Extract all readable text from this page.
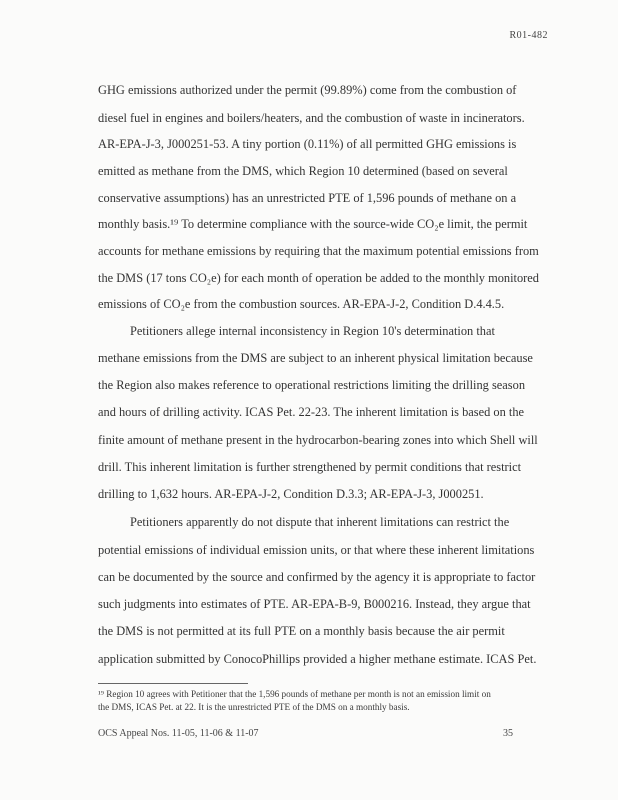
R01-482
GHG emissions authorized under the permit (99.89%) come from the combustion of
diesel fuel in engines and boilers/heaters, and the combustion of waste in incinerators.
AR-EPA-J-3, J000251-53. A tiny portion (0.11%) of all permitted GHG emissions is
emitted as methane from the DMS, which Region 10 determined (based on several
conservative assumptions) has an unrestricted PTE of 1,596 pounds of methane on a
monthly basis.¹⁹ To determine compliance with the source-wide CO₂e limit, the permit
accounts for methane emissions by requiring that the maximum potential emissions from
the DMS (17 tons CO₂e) for each month of operation be added to the monthly monitored
emissions of CO₂e from the combustion sources. AR-EPA-J-2, Condition D.4.4.5.
Petitioners allege internal inconsistency in Region 10's determination that
methane emissions from the DMS are subject to an inherent physical limitation because
the Region also makes reference to operational restrictions limiting the drilling season
and hours of drilling activity. ICAS Pet. 22-23. The inherent limitation is based on the
finite amount of methane present in the hydrocarbon-bearing zones into which Shell will
drill. This inherent limitation is further strengthened by permit conditions that restrict
drilling to 1,632 hours. AR-EPA-J-2, Condition D.3.3; AR-EPA-J-3, J000251.
Petitioners apparently do not dispute that inherent limitations can restrict the
potential emissions of individual emission units, or that where these inherent limitations
can be documented by the source and confirmed by the agency it is appropriate to factor
such judgments into estimates of PTE. AR-EPA-B-9, B000216. Instead, they argue that
the DMS is not permitted at its full PTE on a monthly basis because the air permit
application submitted by ConocoPhillips provided a higher methane estimate. ICAS Pet.
¹⁹ Region 10 agrees with Petitioner that the 1,596 pounds of methane per month is not an emission limit on
the DMS, ICAS Pet. at 22. It is the unrestricted PTE of the DMS on a monthly basis.
OCS Appeal Nos. 11-05, 11-06 & 11-07	35
